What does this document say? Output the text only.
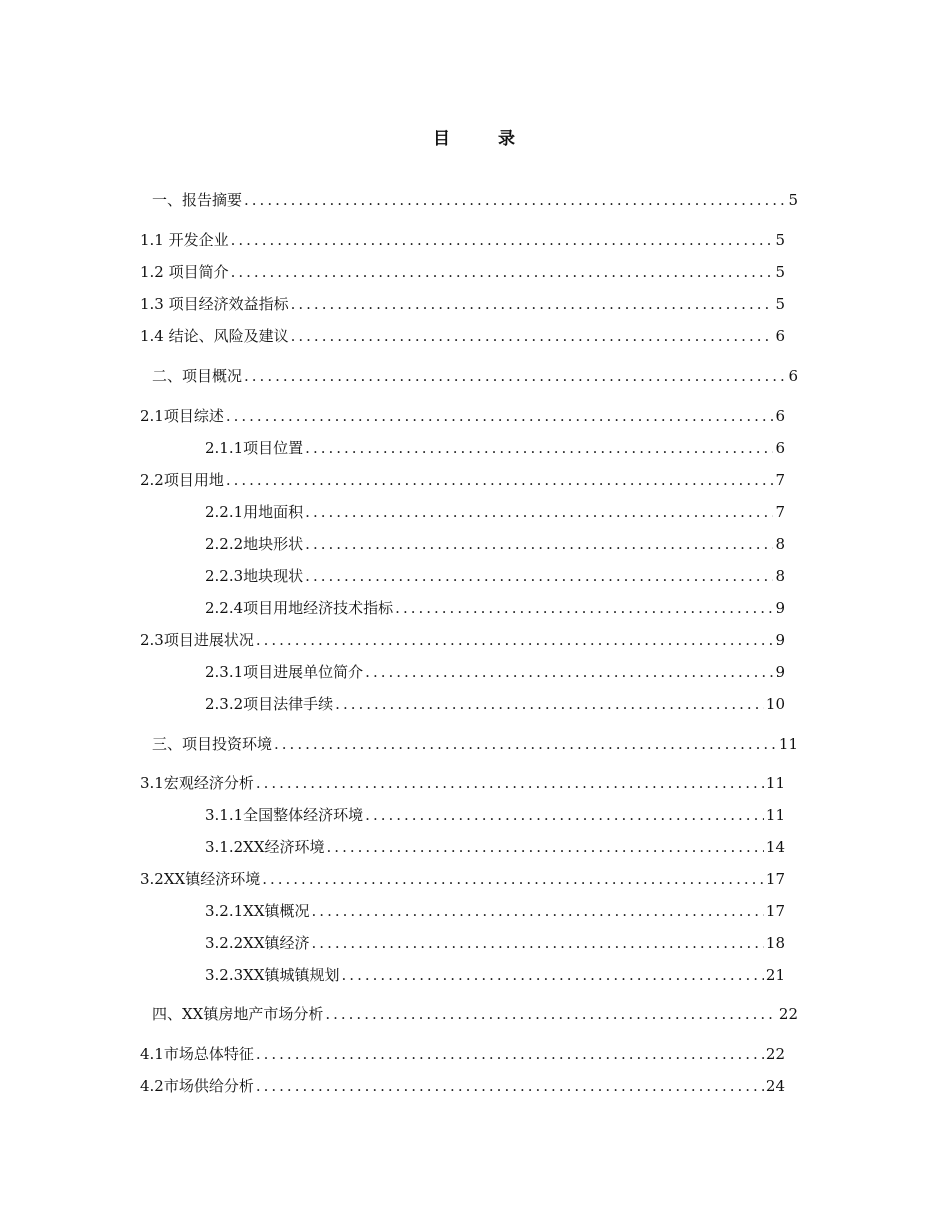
目	录
一、报告摘要 .....	5
1.1 开发企业 .....	5
1.2 项目简介 .....	5
1.3 项目经济效益指标 .....	5
1.4 结论、风险及建议 .....	6
二、项目概况 .....	6
2.1项目综述 .....	6
2.1.1项目位置 .....	6
2.2项目用地 .....	7
2.2.1用地面积 .....	7
2.2.2地块形状 .....	8
2.2.3地块现状 .....	8
2.2.4项目用地经济技术指标 .....	9
2.3项目进展状况 .....	9
2.3.1项目进展单位简介 .....	9
2.3.2项目法律手续 .....	10
三、项目投资环境 .....	11
3.1宏观经济分析 .....	11
3.1.1全国整体经济环境 .....	11
3.1.2XX经济环境 .....	14
3.2XX镇经济环境 .....	17
3.2.1XX镇概况 .....	17
3.2.2XX镇经济 .....	18
3.2.3XX镇城镇规划 .....	21
四、XX镇房地产市场分析 .....	22
4.1市场总体特征 .....	22
4.2市场供给分析 .....	24
